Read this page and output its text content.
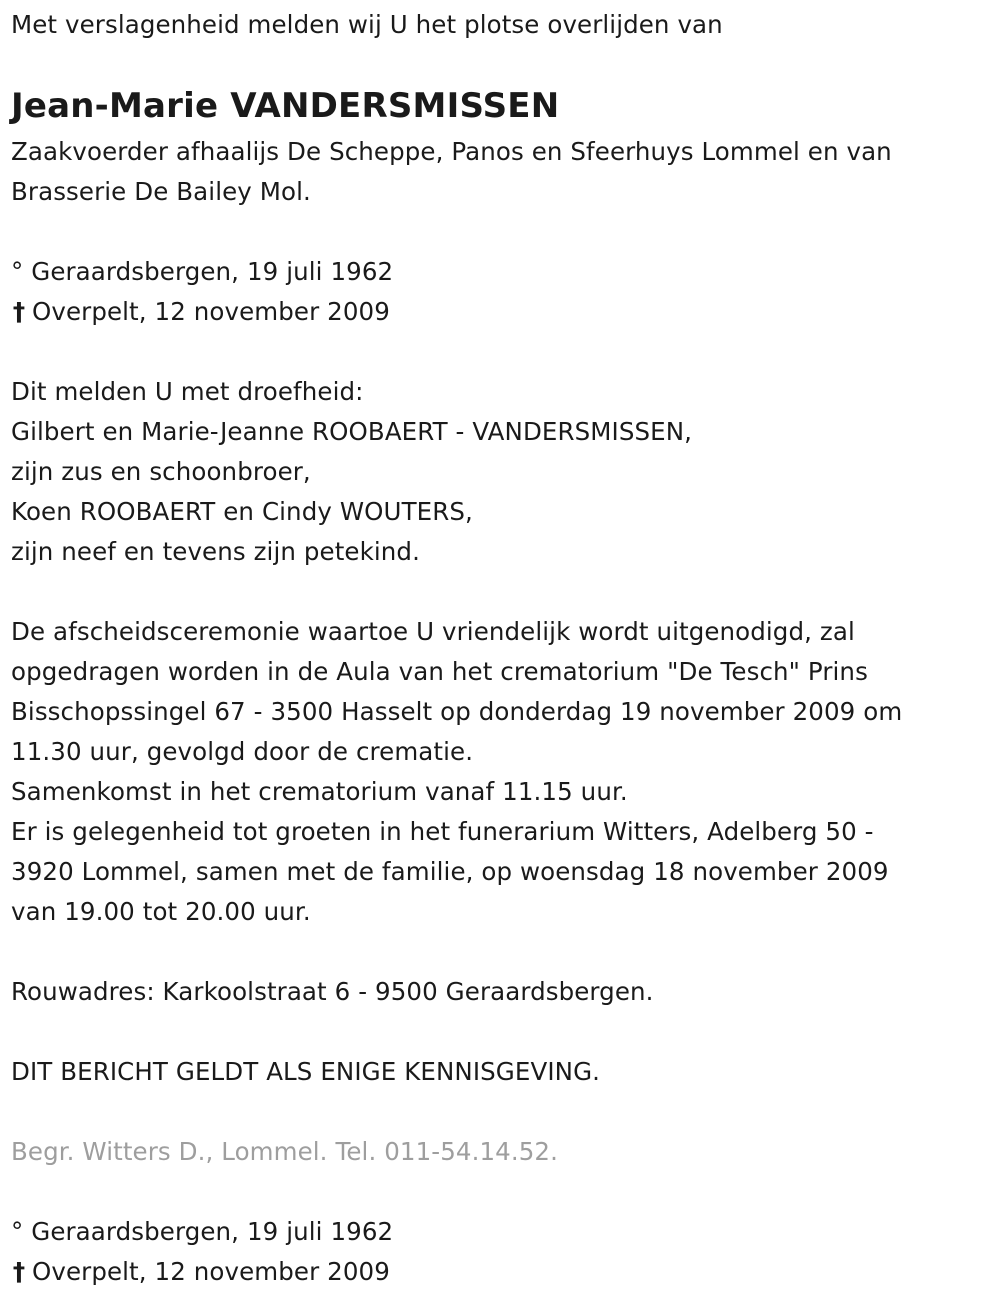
Met verslagenheid melden wij U het plotse overlijden van
Jean-Marie VANDERSMISSEN
Zaakvoerder afhaalijs De Scheppe, Panos en Sfeerhuys Lommel en van
Brasserie De Bailey Mol.
° Geraardsbergen, 19 juli 1962
† Overpelt, 12 november 2009
Dit melden U met droefheid:
Gilbert en Marie-Jeanne ROOBAERT - VANDERSMISSEN,
zijn zus en schoonbroer,
Koen ROOBAERT en Cindy WOUTERS,
zijn neef en tevens zijn petekind.
De afscheidsceremonie waartoe U vriendelijk wordt uitgenodigd, zal
opgedragen worden in de Aula van het crematorium "De Tesch" Prins
Bisschopssingel 67 - 3500 Hasselt op donderdag 19 november 2009 om
11.30 uur, gevolgd door de crematie.
Samenkomst in het crematorium vanaf 11.15 uur.
Er is gelegenheid tot groeten in het funerarium Witters, Adelberg 50 -
3920 Lommel, samen met de familie, op woensdag 18 november 2009
van 19.00 tot 20.00 uur.
Rouwadres: Karkoolstraat 6 - 9500 Geraardsbergen.
DIT BERICHT GELDT ALS ENIGE KENNISGEVING.
Begr. Witters D., Lommel. Tel. 011-54.14.52.
° Geraardsbergen, 19 juli 1962
† Overpelt, 12 november 2009
